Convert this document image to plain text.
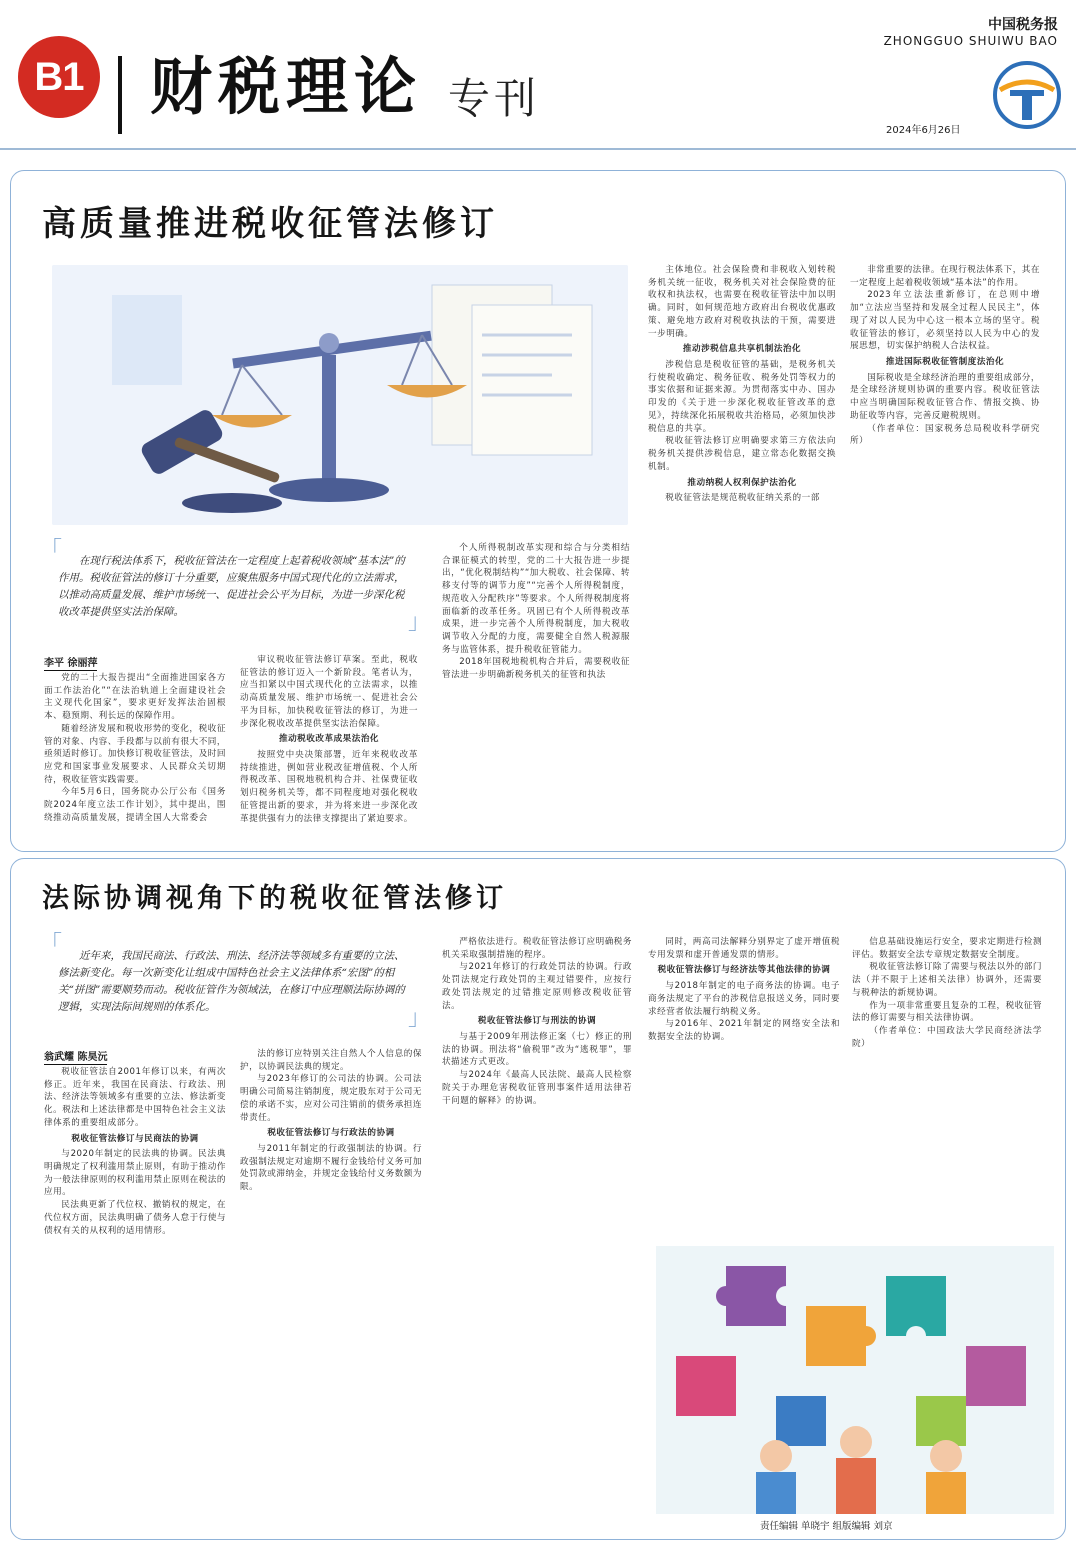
B1 财税理论 专刊
中国税务报
ZHONGGUO SHUIWU BAO
2024年6月26日
高质量推进税收征管法修订
「	在现行税法体系下，税收征管法在一定程度上起着税收领域“基本法”的作用。税收征管法的修订十分重要，应聚焦服务中国式现代化的立法需求，以推动高质量发展、维护市场统一、促进社会公平为目标，为进一步深化税收改革提供坚实法治保障。	」
李平 徐丽萍

党的二十大报告提出“全面推进国家各方面工作法治化”“在法治轨道上全面建设社会主义现代化国家”，要求更好发挥法治固根本、稳预期、利长远的保障作用。

随着经济发展和税收形势的变化，税收征管的对象、内容、手段都与以前有很大不同，亟须适时修订。加快修订税收征管法，及时回应党和国家事业发展要求、人民群众关切期待，税收征管实践需要。

今年5月6日，国务院办公厅公布《国务院2024年度立法工作计划》，其中提出，围绕推动高质量发展，提请全国人大常委会

审议税收征管法修订草案。至此，税收征管法的修订迈入一个新阶段。笔者认为，应当扣紧以中国式现代化的立法需求，以推动高质量发展、维护市场统一、促进社会公平为目标，加快税收征管法的修订，为进一步深化税收改革提供坚实法治保障。

推动税收改革成果法治化

按照党中央决策部署，近年来税收改革持续推进，例如营业税改征增值税、个人所得税改革、国税地税机构合并、社保费征收划归税务机关等，都不同程度地对强化税收征管提出新的要求，并为将来进一步深化改革提供强有力的法律支撑提出了紧迫要求。

个人所得税制改革实现和综合与分类相结合课征模式的转型，党的二十大报告进一步提出，“优化税制结构”“加大税收、社会保障、转移支付等的调节力度”“完善个人所得税制度，规范收入分配秩序”等要求。个人所得税制度将面临新的改革任务。巩固已有个人所得税改革成果，进一步完善个人所得税制度，加大税收调节收入分配的力度，需要健全自然人税源服务与监管体系，提升税收征管能力。

2018年国税地税机构合并后，需要税收征管法进一步明确新税务机关的征管和执法

主体地位。社会保险费和非税收入划转税务机关统一征收，税务机关对社会保险费的征收权和执法权，也需要在税收征管法中加以明确。同时，如何规范地方政府出台税收优惠政策、避免地方政府对税收执法的干预，需要进一步明确。

推动涉税信息共享机制法治化

涉税信息是税收征管的基础，是税务机关行使税收确定、税务征收、税务处罚等权力的事实依据和证据来源。为贯彻落实中办、国办印发的《关于进一步深化税收征管改革的意见》，持续深化拓展税收共治格局，必须加快涉税信息的共享。

税收征管法修订应明确要求第三方依法向税务机关提供涉税信息，建立常态化数据交换机制。

推动纳税人权利保护法治化

税收征管法是规范税收征纳关系的一部

非常重要的法律。在现行税法体系下，其在一定程度上起着税收领域“基本法”的作用。

2023年立法法重新修订，在总则中增加“立法应当坚持和发展全过程人民民主”，体现了对以人民为中心这一根本立场的坚守。税收征管法的修订，必须坚持以人民为中心的发展思想，切实保护纳税人合法权益。

推进国际税收征管制度法治化

国际税收是全球经济治理的重要组成部分，是全球经济规则协调的重要内容。税收征管法中应当明确国际税收征管合作、情报交换、协助征收等内容，完善反避税规则。

（作者单位：国家税务总局税收科学研究所）

法际协调视角下的税收征管法修订
「	近年来，我国民商法、行政法、刑法、经济法等领域多有重要的立法、修法新变化。每一次新变化让组成中国特色社会主义法律体系“宏图”的相关“拼图”需要顺势而动。税收征管作为领域法，在修订中应理顺法际协调的逻辑，实现法际间规则的体系化。	」
翁武耀 陈昊沅

税收征管法自2001年修订以来，有两次修正。近年来，我国在民商法、行政法、刑法、经济法等领域多有重要的立法、修法新变化。税法和上述法律都是中国特色社会主义法律体系的重要组成部分。

税收征管法修订与民商法的协调

与2020年制定的民法典的协调。民法典明确规定了权利滥用禁止原则，有助于推动作为一般法律原则的权利滥用禁止原则在税法的应用。

民法典更新了代位权、撤销权的规定，在代位权方面，民法典明确了债务人怠于行使与债权有关的从权利的适用情形。

法的修订应特别关注自然人个人信息的保护，以协调民法典的规定。

与2023年修订的公司法的协调。公司法明确公司简易注销制度，规定股东对于公司无偿的承诺不实，应对公司注销前的债务承担连带责任。

税收征管法修订与行政法的协调

与2011年制定的行政强制法的协调。行政强制法规定对逾期不履行金钱给付义务可加处罚款或滞纳金，并规定金钱给付义务数额为限。

严格依法进行。税收征管法修订应明确税务机关采取强制措施的程序。

与2021年修订的行政处罚法的协调。行政处罚法规定行政处罚的主观过错要件，应按行政处罚法规定的过错推定原则修改税收征管法。

税收征管法修订与刑法的协调

与基于2009年刑法修正案（七）修正的刑法的协调。刑法将“偷税罪”改为“逃税罪”，罪状描述方式更改。

与2024年《最高人民法院、最高人民检察院关于办理危害税收征管刑事案件适用法律若干问题的解释》的协调。

同时，两高司法解释分别界定了虚开增值税专用发票和虚开普通发票的情形。

税收征管法修订与经济法等其他法律的协调

与2018年制定的电子商务法的协调。电子商务法规定了平台的涉税信息报送义务，同时要求经营者依法履行纳税义务。

与2016年、2021年制定的网络安全法和数据安全法的协调。

信息基础设施运行安全，要求定期进行检测评估。数据安全法专章规定数据安全制度。

税收征管法修订除了需要与税法以外的部门法（并不限于上述相关法律）协调外，还需要与税种法的新规协调。

作为一项非常重要且复杂的工程，税收征管法的修订需要与相关法律协调。

（作者单位：中国政法大学民商经济法学院）

责任编辑 单晓宇 组版编辑 刘京
